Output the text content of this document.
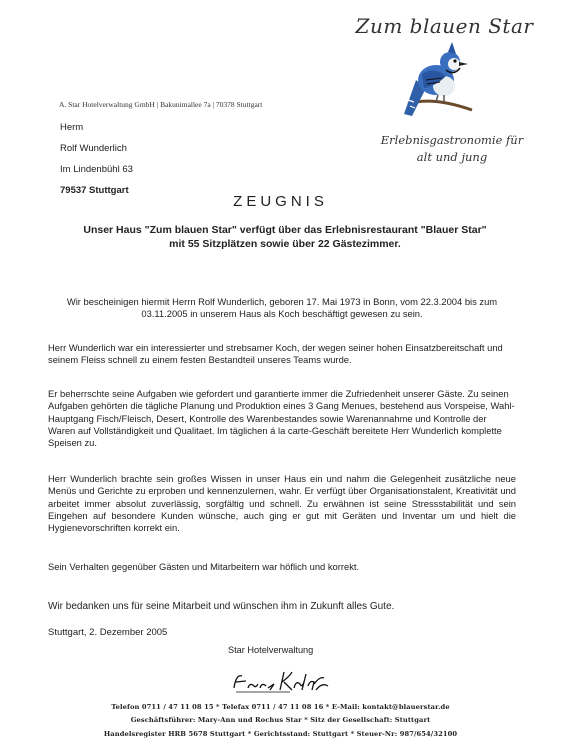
Zum blauen Star
Erlebnisgastronomie für
alt und jung
A. Star Hotelverwaltung GmbH | Bakunimallee 7a | 70378 Stuttgart
Herm
Rolf Wunderlich
Im Lindenbühl 63
79537 Stuttgart
ZEUGNIS
Unser Haus "Zum blauen Star" verfügt über das Erlebnisrestaurant "Blauer Star"
mit 55 Sitzplätzen sowie über 22 Gästezimmer.
Wir bescheinigen hiermit Herrn Rolf Wunderlich, geboren 17. Mai 1973 in Bonn, vom 22.3.2004 bis zum 03.11.2005 in unserem Haus als Koch beschäftigt gewesen zu sein.
Herr Wunderlich war ein interessierter und strebsamer Koch, der wegen seiner hohen Einsatzbereitschaft und seinem Fleiss schnell zu einem festen Bestandteil unseres Teams wurde.
Er beherrschte seine Aufgaben wie gefordert und garantierte immer die Zufriedenheit unserer Gäste. Zu seinen Aufgaben gehörten die tägliche Planung und Produktion eines 3 Gang Menues, bestehend aus Vorspeise, Wahl-Hauptgang Fisch/Fleisch, Desert, Kontrolle des Warenbestandes sowie Warenannahme und Kontrolle der Waren auf Vollständigkeit und Qualitaet. Im täglichen á la carte-Geschäft bereitete Herr Wunderlich komplette Speisen zu.
Herr Wunderlich brachte sein großes Wissen in unser Haus ein und nahm die Gelegenheit zusätzliche neue Menüs und Gerichte zu erproben und kennenzulernen, wahr. Er verfügt über Organisationstalent, Kreativität und arbeitet immer absolut zuverlässig, sorgfältig und schnell. Zu erwähnen ist seine Stressstabilität und sein Eingehen auf besondere Kunden wünsche, auch ging er gut mit Geräten und Inventar um und hielt die Hygienevorschriften korrekt ein.
Sein Verhalten gegenüber Gästen und Mitarbeitern war höflich und korrekt.
Wir bedanken uns für seine Mitarbeit und wünschen ihm in Zukunft alles Gute.
Stuttgart, 2. Dezember 2005
Star Hotelverwaltung
Telefon 0711 / 47 11 08 15 * Telefax 0711 / 47 11 08 16 * E-Mail: kontakt@blauerstar.de
Geschäftsführer: Mary-Ann und Rochus Star * Sitz der Gesellschaft: Stuttgart
Handelsregister HRB 5678 Stuttgart * Gerichtsstand: Stuttgart * Steuer-Nr: 987/654/32100
